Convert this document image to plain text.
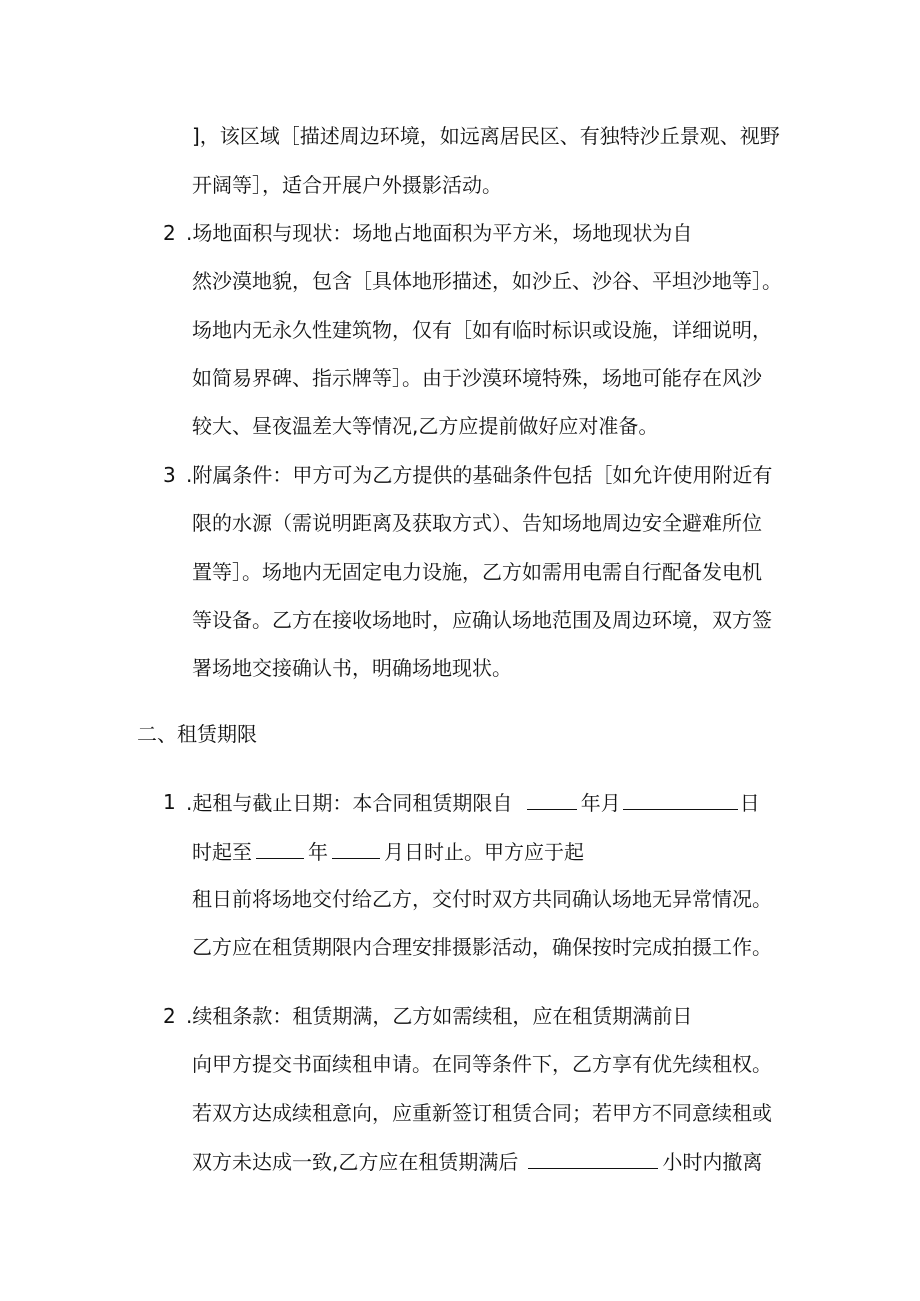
]，该区域［描述周边环境，如远离居民区、有独特沙丘景观、视野
开阔等］，适合开展户外摄影活动。
2 .场地面积与现状：场地占地面积为平方米，场地现状为自
然沙漠地貌，包含［具体地形描述，如沙丘、沙谷、平坦沙地等］。
场地内无永久性建筑物，仅有［如有临时标识或设施，详细说明，
如简易界碑、指示牌等］。由于沙漠环境特殊，场地可能存在风沙
较大、昼夜温差大等情况,乙方应提前做好应对准备。
3 .附属条件：甲方可为乙方提供的基础条件包括［如允许使用附近有
限的水源（需说明距离及获取方式）、告知场地周边安全避难所位
置等］。场地内无固定电力设施，乙方如需用电需自行配备发电机
等设备。乙方在接收场地时，应确认场地范围及周边环境，双方签
署场地交接确认书，明确场地现状。
二、租赁期限
1 .起租与截止日期：本合同租赁期限自	年月	日
时起至	年	月日时止。甲方应于起
租日前将场地交付给乙方，交付时双方共同确认场地无异常情况。
乙方应在租赁期限内合理安排摄影活动，确保按时完成拍摄工作。
2 .续租条款：租赁期满，乙方如需续租，应在租赁期满前日
向甲方提交书面续租申请。在同等条件下，乙方享有优先续租权。
若双方达成续租意向，应重新签订租赁合同；若甲方不同意续租或
双方未达成一致,乙方应在租赁期满后	小时内撤离
